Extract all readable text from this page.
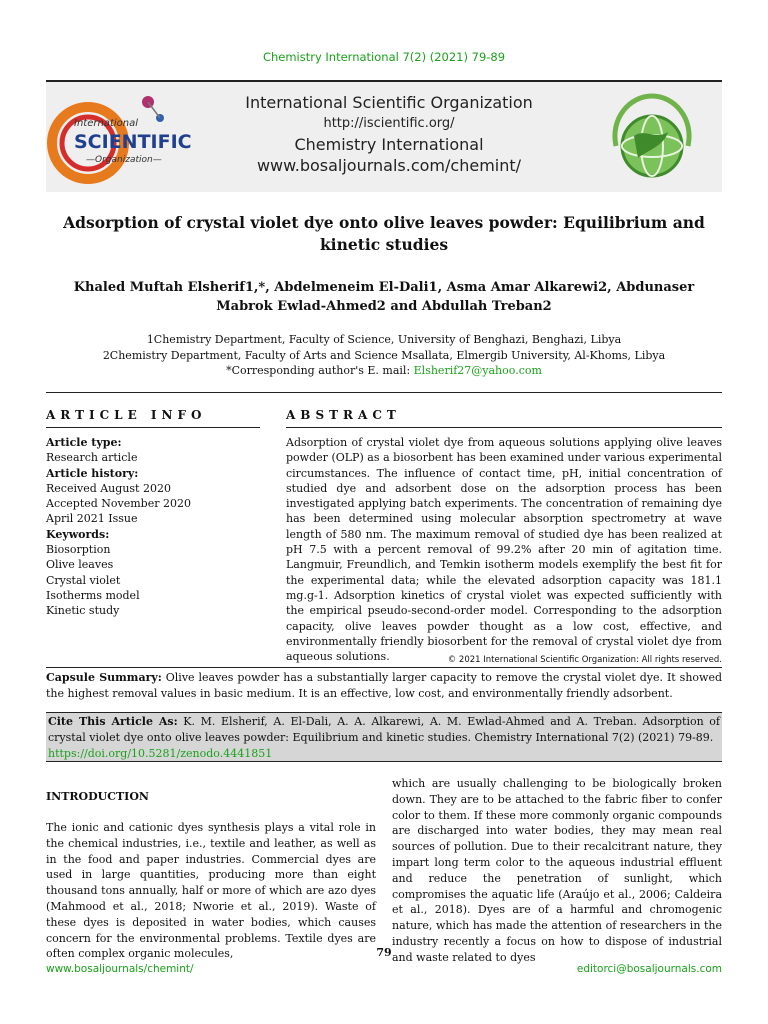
Chemistry International 7(2) (2021) 79-89
International
SCIENTIFIC
—Organization—
International Scientific Organization
http://iscientific.org/
Chemistry International
www.bosaljournals.com/chemint/
Adsorption of crystal violet dye onto olive leaves powder: Equilibrium and kinetic studies
Khaled Muftah Elsherif1,*, Abdelmeneim El-Dali1, Asma Amar Alkarewi2, Abdunaser Mabrok Ewlad-Ahmed2 and Abdullah Treban2
1Chemistry Department, Faculty of Science, University of Benghazi, Benghazi, Libya
2Chemistry Department, Faculty of Arts and Science Msallata, Elmergib University, Al-Khoms, Libya
*Corresponding author's E. mail: Elsherif27@yahoo.com
ARTICLE INFO	ABSTRACT
Article type:
Research article
Article history:
Received August 2020
Accepted November 2020
April 2021 Issue
Keywords:
Biosorption
Olive leaves
Crystal violet
Isotherms model
Kinetic study
Adsorption of crystal violet dye from aqueous solutions applying olive leaves powder (OLP) as a biosorbent has been examined under various experimental circumstances. The influence of contact time, pH, initial concentration of studied dye and adsorbent dose on the adsorption process has been investigated applying batch experiments. The concentration of remaining dye has been determined using molecular absorption spectrometry at wave length of 580 nm. The maximum removal of studied dye has been realized at pH 7.5 with a percent removal of 99.2% after 20 min of agitation time. Langmuir, Freundlich, and Temkin isotherm models exemplify the best fit for the experimental data; while the elevated adsorption capacity was 181.1 mg.g-1. Adsorption kinetics of crystal violet was expected sufficiently with the empirical pseudo-second-order model. Corresponding to the adsorption capacity, olive leaves powder thought as a low cost, effective, and environmentally friendly biosorbent for the removal of crystal violet dye from aqueous solutions.	© 2021 International Scientific Organization: All rights reserved.
Capsule Summary: Olive leaves powder has a substantially larger capacity to remove the crystal violet dye. It showed the highest removal values in basic medium. It is an effective, low cost, and environmentally friendly adsorbent.
Cite This Article As: K. M. Elsherif, A. El-Dali, A. A. Alkarewi, A. M. Ewlad-Ahmed and A. Treban. Adsorption of crystal violet dye onto olive leaves powder: Equilibrium and kinetic studies. Chemistry International 7(2) (2021) 79-89.
https://doi.org/10.5281/zenodo.4441851
INTRODUCTION
The ionic and cationic dyes synthesis plays a vital role in the chemical industries, i.e., textile and leather, as well as in the food and paper industries. Commercial dyes are used in large quantities, producing more than eight thousand tons annually, half or more of which are azo dyes (Mahmood et al., 2018; Nworie et al., 2019). Waste of these dyes is deposited in water bodies, which causes concern for the environmental problems. Textile dyes are often complex organic molecules,
which are usually challenging to be biologically broken down. They are to be attached to the fabric fiber to confer color to them. If these more commonly organic compounds are discharged into water bodies, they may mean real sources of pollution. Due to their recalcitrant nature, they impart long term color to the aqueous industrial effluent and reduce the penetration of sunlight, which compromises the aquatic life (Araújo et al., 2006; Caldeira et al., 2018). Dyes are of a harmful and chromogenic nature, which has made the attention of researchers in the industry recently a focus on how to dispose of industrial and waste related to dyes
79
www.bosaljournals/chemint/	editorci@bosaljournals.com
